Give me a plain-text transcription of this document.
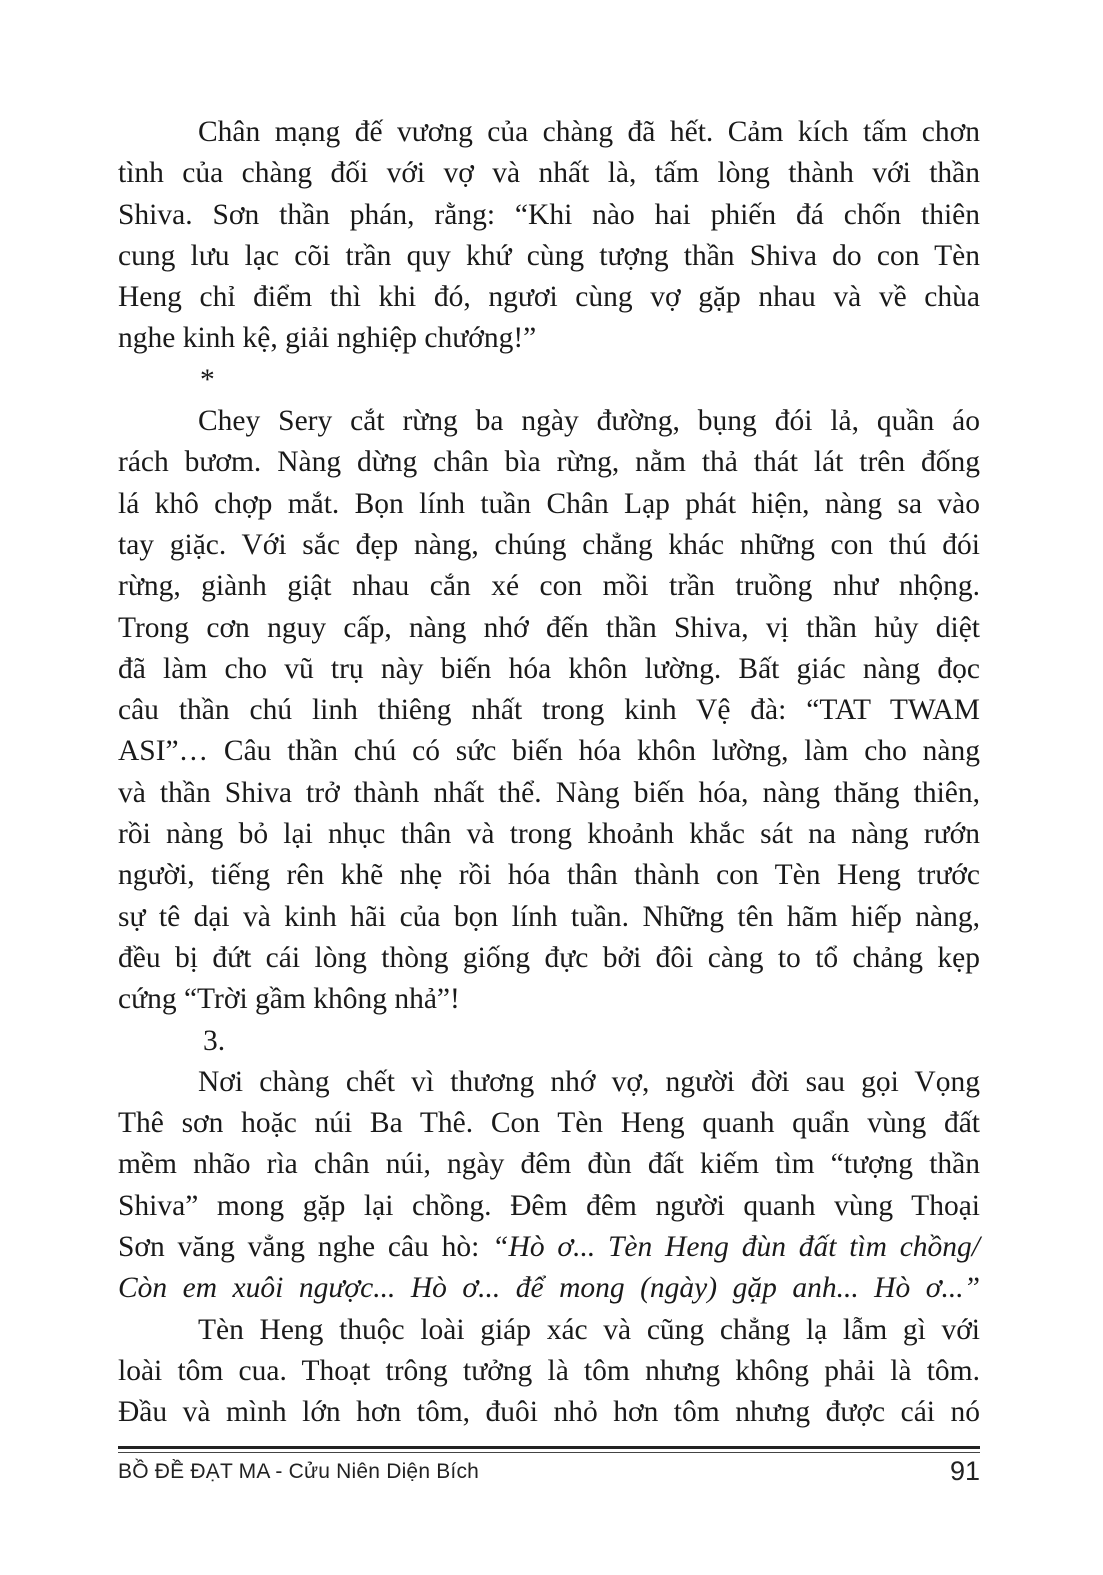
Chân mạng đế vương của chàng đã hết. Cảm kích tấm chơn
tình của chàng đối với vợ và nhất là, tấm lòng thành với thần
Shiva. Sơn thần phán, rằng: “Khi nào hai phiến đá chốn thiên
cung lưu lạc cõi trần quy khứ cùng tượng thần Shiva do con Tèn
Heng chỉ điểm thì khi đó, ngươi cùng vợ gặp nhau và về chùa
nghe kinh kệ, giải nghiệp chướng!”
*
Chey Sery cắt rừng ba ngày đường, bụng đói lả, quần áo
rách bươm. Nàng dừng chân bìa rừng, nằm thả thát lát trên đống
lá khô chợp mắt. Bọn lính tuần Chân Lạp phát hiện, nàng sa vào
tay giặc. Với sắc đẹp nàng, chúng chẳng khác những con thú đói
rừng, giành giật nhau cắn xé con mồi trần truồng như nhộng.
Trong cơn nguy cấp, nàng nhớ đến thần Shiva, vị thần hủy diệt
đã làm cho vũ trụ này biến hóa khôn lường. Bất giác nàng đọc
câu thần chú linh thiêng nhất trong kinh Vệ đà: “TAT TWAM
ASI”… Câu thần chú có sức biến hóa khôn lường, làm cho nàng
và thần Shiva trở thành nhất thể. Nàng biến hóa, nàng thăng thiên,
rồi nàng bỏ lại nhục thân và trong khoảnh khắc sát na nàng rướn
người, tiếng rên khẽ nhẹ rồi hóa thân thành con Tèn Heng trước
sự tê dại và kinh hãi của bọn lính tuần. Những tên hãm hiếp nàng,
đều bị đứt cái lòng thòng giống đực bởi đôi càng to tổ chảng kẹp
cứng “Trời gầm không nhả”!
3.
Nơi chàng chết vì thương nhớ vợ, người đời sau gọi Vọng
Thê sơn hoặc núi Ba Thê. Con Tèn Heng quanh quẩn vùng đất
mềm nhão rìa chân núi, ngày đêm đùn đất kiếm tìm “tượng thần
Shiva” mong gặp lại chồng. Đêm đêm người quanh vùng Thoại
Sơn văng vẳng nghe câu hò: “Hò ơ... Tèn Heng đùn đất tìm chồng/
Còn em xuôi ngược... Hò ơ... để mong (ngày) gặp anh... Hò ơ...”
Tèn Heng thuộc loài giáp xác và cũng chẳng lạ lẫm gì với
loài tôm cua. Thoạt trông tưởng là tôm nhưng không phải là tôm.
Đầu và mình lớn hơn tôm, đuôi nhỏ hơn tôm nhưng được cái nó
BỒ ĐỀ ĐẠT MA - Cửu Niên Diện Bích	91
